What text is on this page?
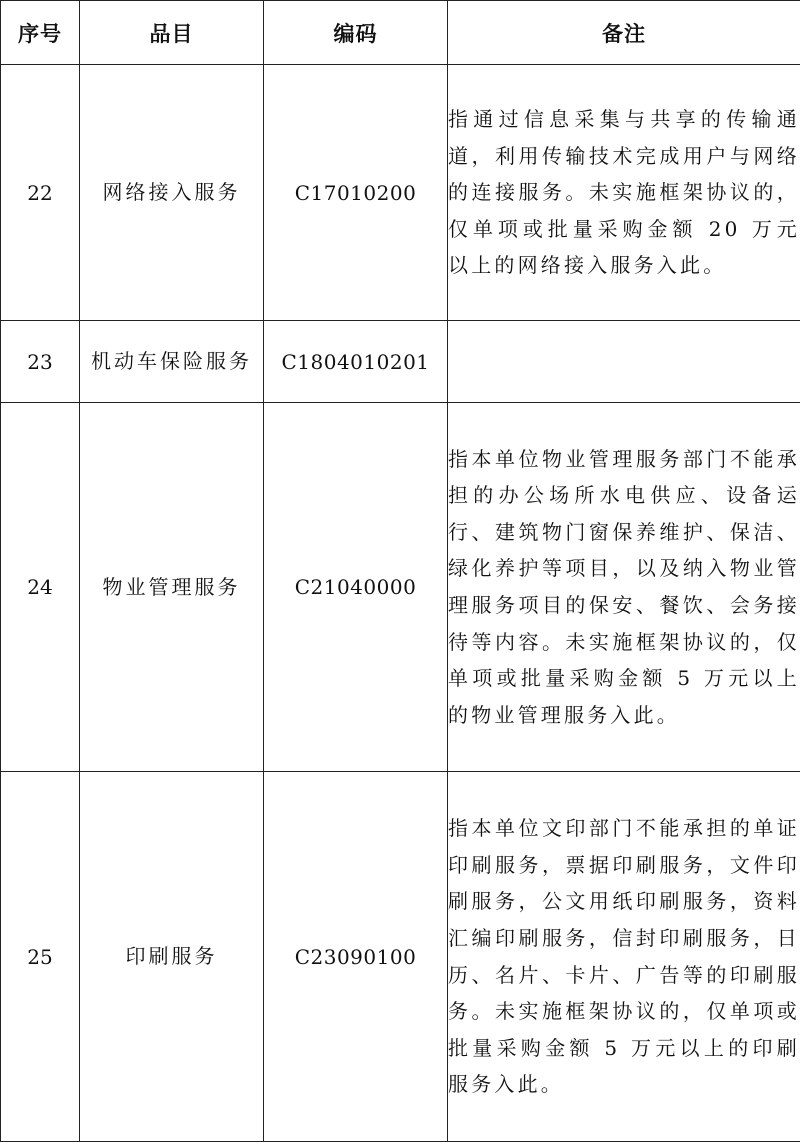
序号	品目	编码	备注
22	网络接入服务	C17010200	指通过信息采集与共享的传输通道，利用传输技术完成用户与网络的连接服务。未实施框架协议的，仅单项或批量采购金额 20 万元以上的网络接入服务入此。
23	机动车保险服务	C1804010201	
24	物业管理服务	C21040000	指本单位物业管理服务部门不能承担的办公场所水电供应、设备运行、建筑物门窗保养维护、保洁、绿化养护等项目，以及纳入物业管理服务项目的保安、餐饮、会务接待等内容。未实施框架协议的，仅单项或批量采购金额 5 万元以上的物业管理服务入此。
25	印刷服务	C23090100	指本单位文印部门不能承担的单证印刷服务，票据印刷服务，文件印刷服务，公文用纸印刷服务，资料汇编印刷服务，信封印刷服务，日历、名片、卡片、广告等的印刷服务。未实施框架协议的，仅单项或批量采购金额 5 万元以上的印刷服务入此。
